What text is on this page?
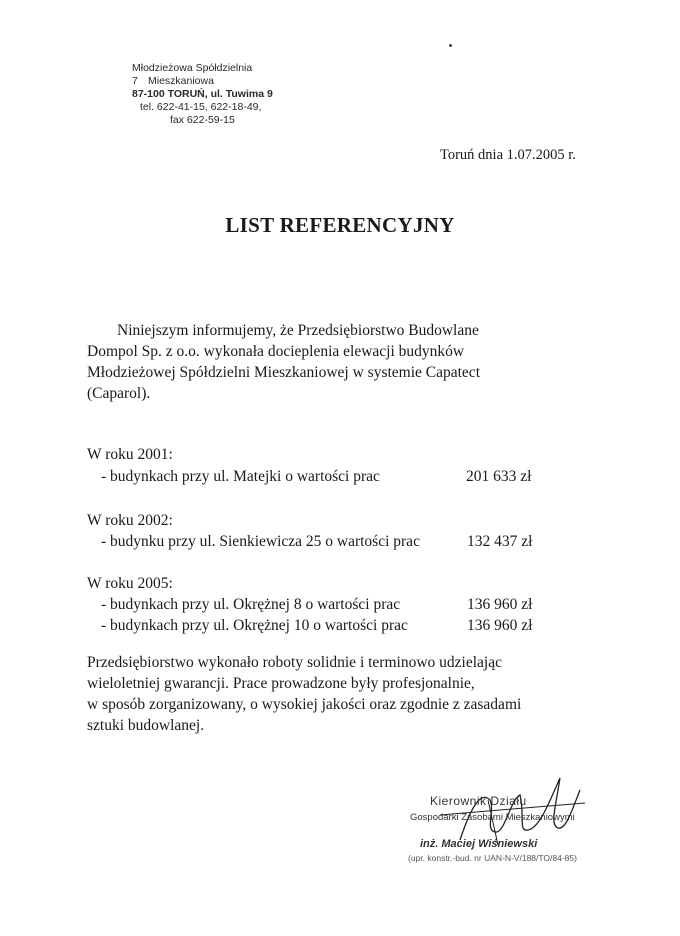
Młodzieżowa Spółdzielnia
7 Mieszkaniowa
87-100 TORUŃ, ul. Tuwima 9
tel. 622-41-15, 622-18-49,
fax 622-59-15
Toruń dnia 1.07.2005 r.
LIST REFERENCYJNY
Niniejszym informujemy, że Przedsiębiorstwo Budowlane
Dompol Sp. z o.o. wykonała docieplenia elewacji budynków
Młodzieżowej Spółdzielni Mieszkaniowej w systemie Capatect
(Caparol).
W roku 2001:
- budynkach przy ul. Matejki o wartości prac	201 633 zł
W roku 2002:
- budynku przy ul. Sienkiewicza 25 o wartości prac	132 437 zł
W roku 2005:
- budynkach przy ul. Okrężnej 8 o wartości prac	136 960 zł
- budynkach przy ul. Okrężnej 10 o wartości prac	136 960 zł
Przedsiębiorstwo wykonało roboty solidnie i terminowo udzielając
wieloletniej gwarancji. Prace prowadzone były profesjonalnie,
w sposób zorganizowany, o wysokiej jakości oraz zgodnie z zasadami
sztuki budowlanej.
Kierownik Działu
Gospodarki Zasobami Mieszkaniowymi
inż. Maciej Wiśniewski
(upr. konstr.-bud. nr UAN-N-V/188/TO/84-85)
